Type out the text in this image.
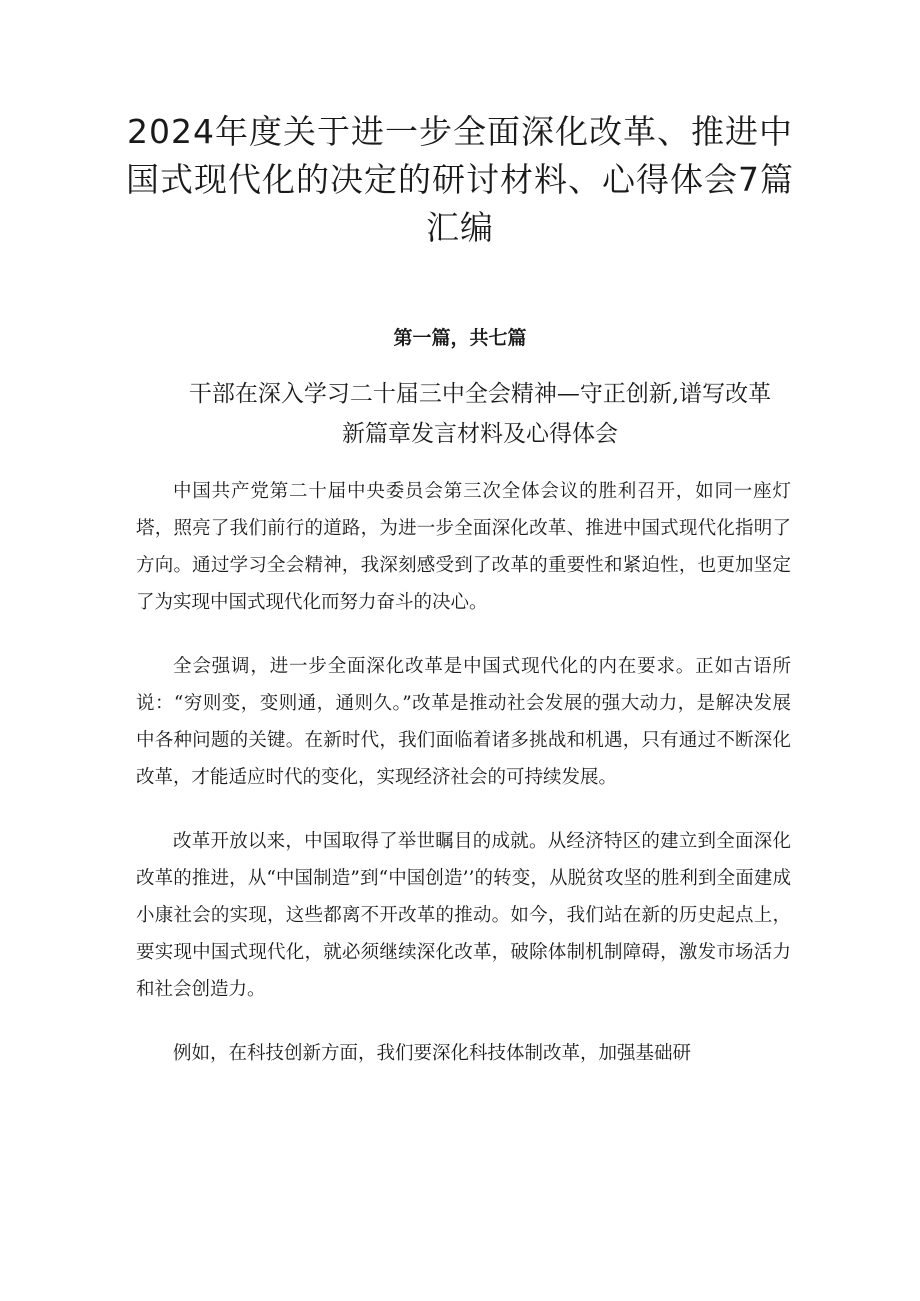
2024年度关于进一步全面深化改革、推进中国式现代化的决定的研讨材料、心得体会7篇汇编
第一篇，共七篇
干部在深入学习二十届三中全会精神—守正创新,谱写改革新篇章发言材料及心得体会

中国共产党第二十届中央委员会第三次全体会议的胜利召开，如同一座灯塔，照亮了我们前行的道路，为进一步全面深化改革、推进中国式现代化指明了方向。通过学习全会精神，我深刻感受到了改革的重要性和紧迫性，也更加坚定了为实现中国式现代化而努力奋斗的决心。

全会强调，进一步全面深化改革是中国式现代化的内在要求。正如古语所说：“穷则变，变则通，通则久。”改革是推动社会发展的强大动力，是解决发展中各种问题的关键。在新时代，我们面临着诸多挑战和机遇，只有通过不断深化改革，才能适应时代的变化，实现经济社会的可持续发展。

改革开放以来，中国取得了举世瞩目的成就。从经济特区的建立到全面深化改革的推进，从“中国制造”到“中国创造’’的转变，从脱贫攻坚的胜利到全面建成小康社会的实现，这些都离不开改革的推动。如今，我们站在新的历史起点上，要实现中国式现代化，就必须继续深化改革，破除体制机制障碍，激发市场活力和社会创造力。

例如，在科技创新方面，我们要深化科技体制改革，加强基础研
